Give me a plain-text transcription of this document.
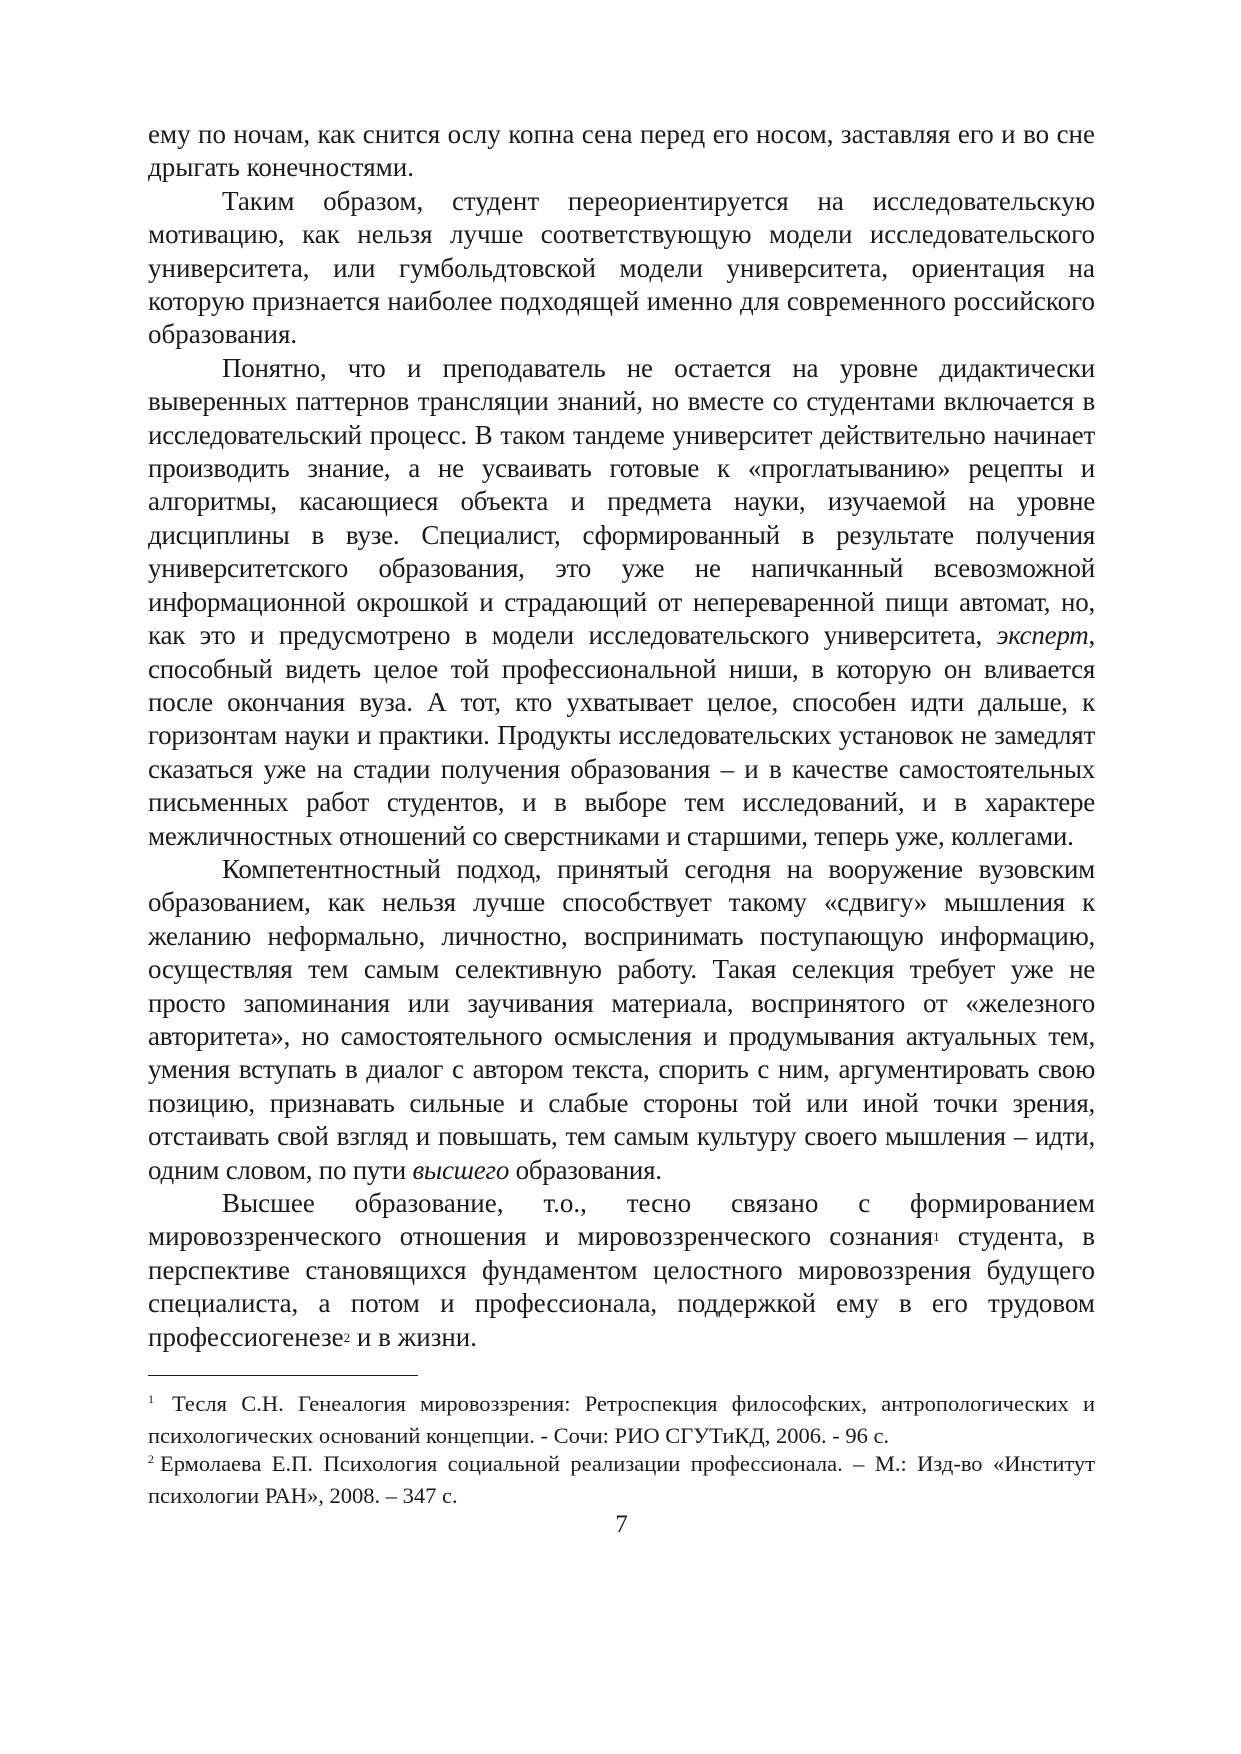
ему по ночам, как снится ослу копна сена перед его носом, заставляя его и во сне дрыгать конечностями.

Таким образом, студент переориентируется на исследовательскую мотивацию, как нельзя лучше соответствующую модели исследовательского университета, или гумбольдтовской модели университета, ориентация на которую признается наиболее подходящей именно для современного российского образования.

Понятно, что и преподаватель не остается на уровне дидактически выверенных паттернов трансляции знаний, но вместе со студентами включается в исследовательский процесс. В таком тандеме университет действительно начинает производить знание, а не усваивать готовые к «проглатыванию» рецепты и алгоритмы, касающиеся объекта и предмета науки, изучаемой на уровне дисциплины в вузе. Специалист, сформированный в результате получения университетского образования, это уже не напичканный всевозможной информационной окрошкой и страдающий от непереваренной пищи автомат, но, как это и предусмотрено в модели исследовательского университета, эксперт, способный видеть целое той профессиональной ниши, в которую он вливается после окончания вуза. А тот, кто ухватывает целое, способен идти дальше, к горизонтам науки и практики. Продукты исследовательских установок не замедлят сказаться уже на стадии получения образования – и в качестве самостоятельных письменных работ студентов, и в выборе тем исследований, и в характере межличностных отношений со сверстниками и старшими, теперь уже, коллегами.

Компетентностный подход, принятый сегодня на вооружение вузовским образованием, как нельзя лучше способствует такому «сдвигу» мышления к желанию неформально, личностно, воспринимать поступающую информацию, осуществляя тем самым селективную работу. Такая селекция требует уже не просто запоминания или заучивания материала, воспринятого от «железного авторитета», но самостоятельного осмысления и продумывания актуальных тем, умения вступать в диалог с автором текста, спорить с ним, аргументировать свою позицию, признавать сильные и слабые стороны той или иной точки зрения, отстаивать свой взгляд и повышать, тем самым культуру своего мышления – идти, одним словом, по пути высшего образования.

Высшее образование, т.о., тесно связано с формированием мировоззренческого отношения и мировоззренческого сознания$^1$ студента, в перспективе становящихся фундаментом целостного мировоззрения будущего специалиста, а потом и профессионала, поддержкой ему в его трудовом профессиогенезе$^2$ и в жизни.

$^1$ Тесля С.Н. Генеалогия мировоззрения: Ретроспекция философских, антропологических и психологических оснований концепции. - Сочи: РИО СГУТиКД, 2006. - 96 с.

$^2$ Ермолаева Е.П. Психология социальной реализации профессионала. – М.: Изд-во «Институт психологии РАН», 2008. – 347 с.

7
